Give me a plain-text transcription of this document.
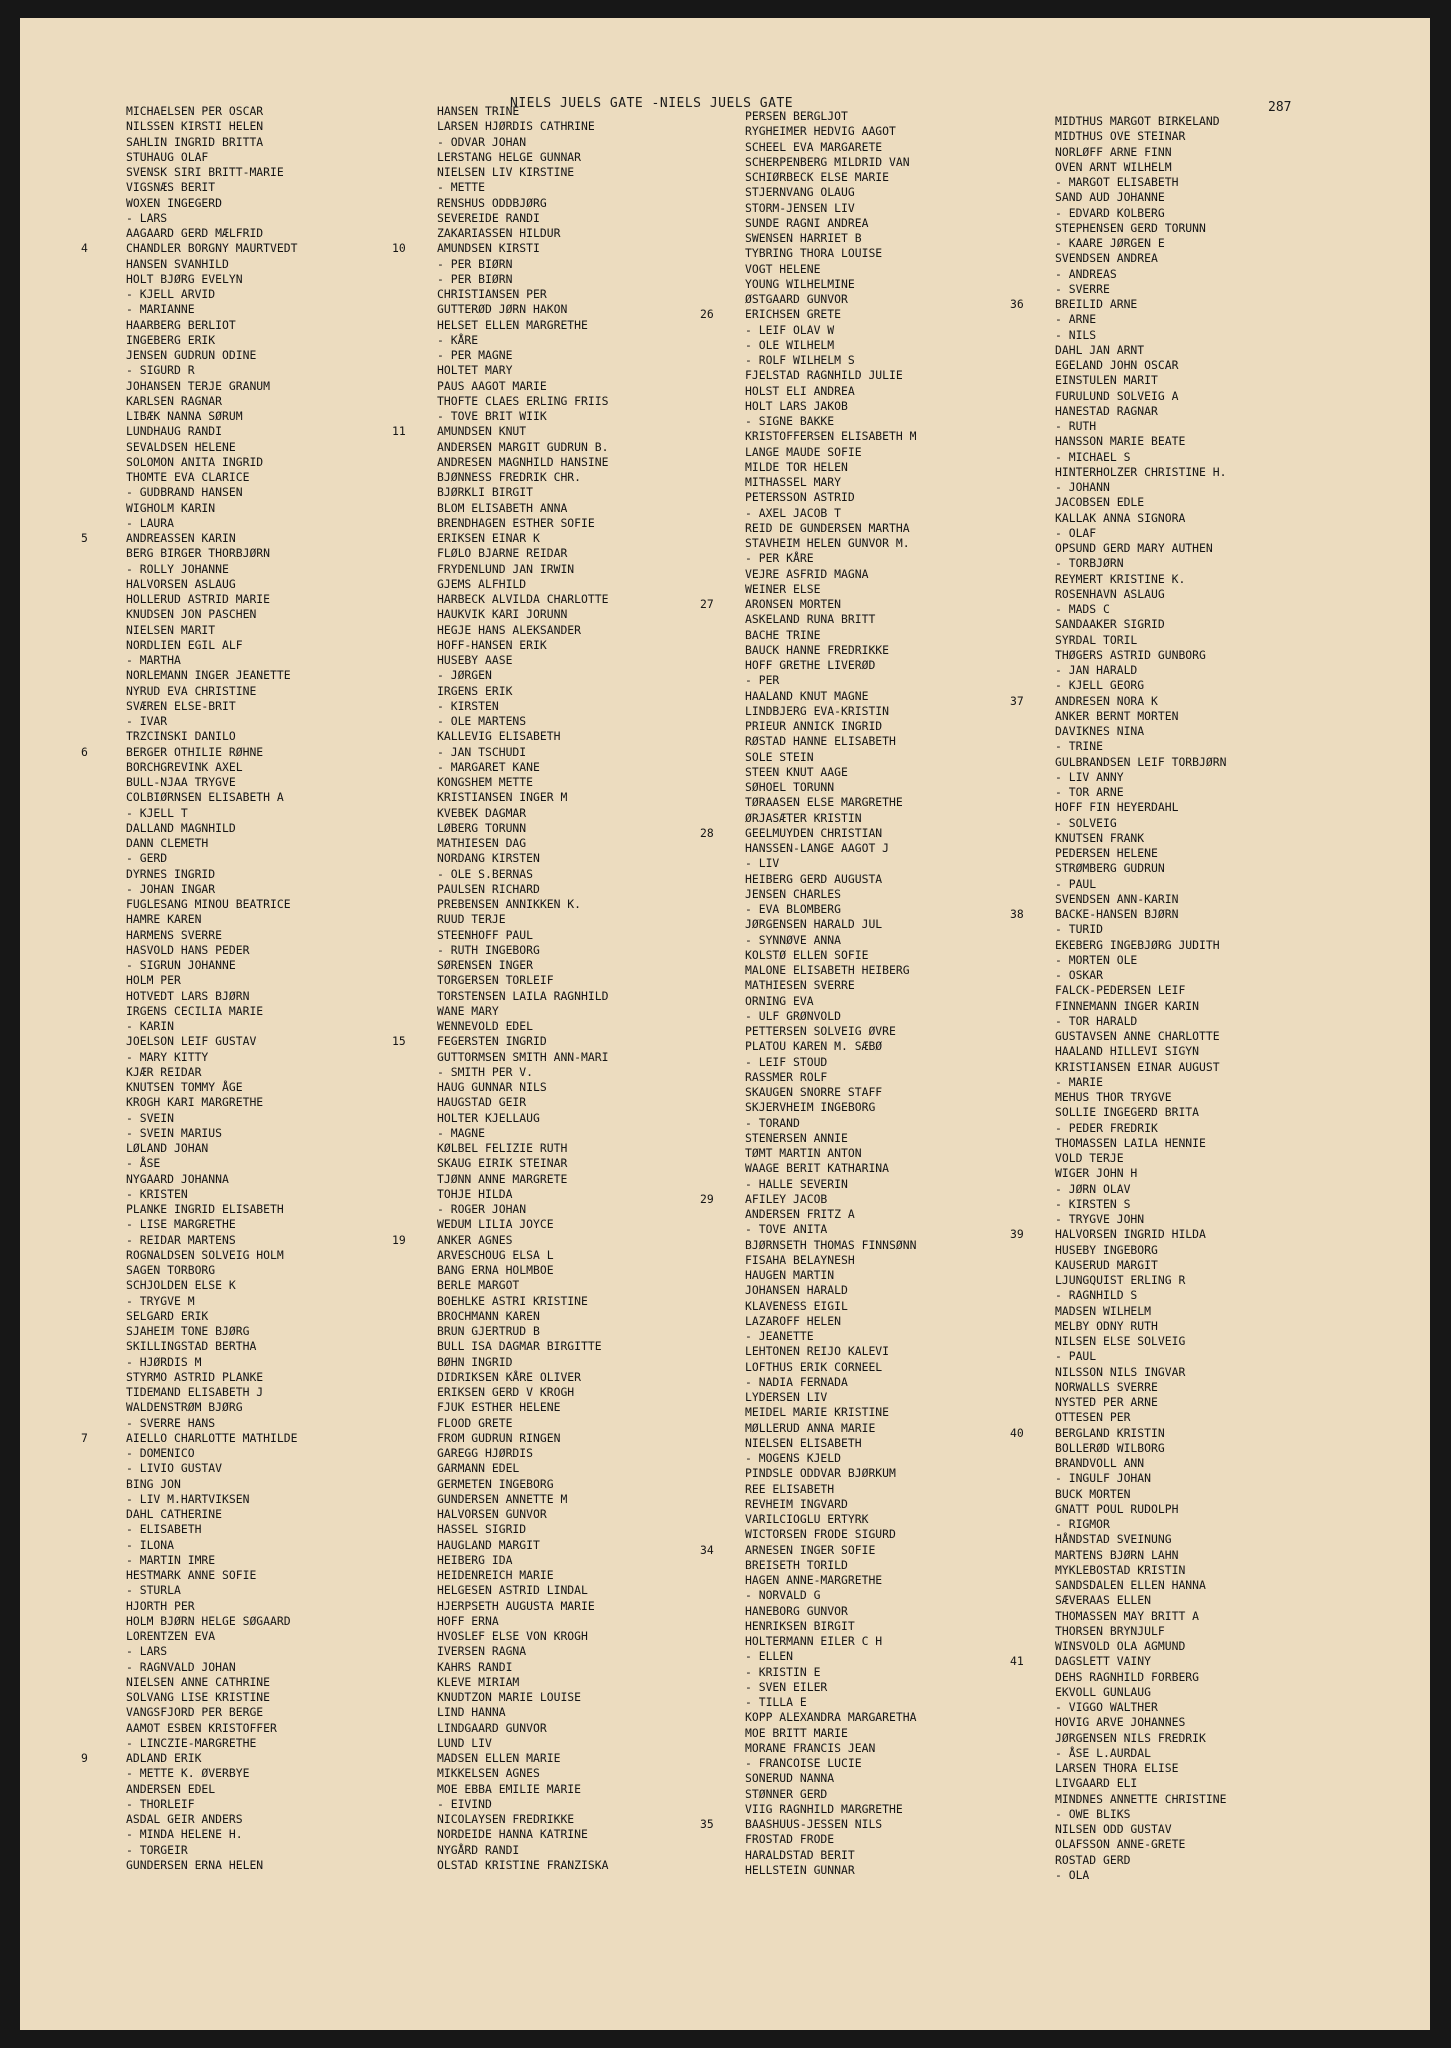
NIELS JUELS GATE -NIELS JUELS GATE	287
MICHAELSEN PER OSCAR
NILSSEN KIRSTI HELEN
SAHLIN INGRID BRITTA
STUHAUG OLAF
SVENSK SIRI BRITT-MARIE
VIGSNÆS BERIT
WOXEN INGEGERD
- LARS
AAGAARD GERD MÆLFRID
4	CHANDLER BORGNY MAURTVEDT
HANSEN SVANHILD
HOLT BJØRG EVELYN
- KJELL ARVID
- MARIANNE
HAARBERG BERLIOT
INGEBERG ERIK
JENSEN GUDRUN ODINE
- SIGURD R
JOHANSEN TERJE GRANUM
KARLSEN RAGNAR
LIBÆK NANNA SØRUM
LUNDHAUG RANDI
SEVALDSEN HELENE
SOLOMON ANITA INGRID
THOMTE EVA CLARICE
- GUDBRAND HANSEN
WIGHOLM KARIN
- LAURA
5	ANDREASSEN KARIN
BERG BIRGER THORBJØRN
- ROLLY JOHANNE
HALVORSEN ASLAUG
HOLLERUD ASTRID MARIE
KNUDSEN JON PASCHEN
NIELSEN MARIT
NORDLIEN EGIL ALF
- MARTHA
NORLEMANN INGER JEANETTE
NYRUD EVA CHRISTINE
SVÆREN ELSE-BRIT
- IVAR
TRZCINSKI DANILO
6	BERGER OTHILIE RØHNE
BORCHGREVINK AXEL
BULL-NJAA TRYGVE
COLBIØRNSEN ELISABETH A
- KJELL T
DALLAND MAGNHILD
DANN CLEMETH
- GERD
DYRNES INGRID
- JOHAN INGAR
FUGLESANG MINOU BEATRICE
HAMRE KAREN
HARMENS SVERRE
HASVOLD HANS PEDER
- SIGRUN JOHANNE
HOLM PER
HOTVEDT LARS BJØRN
IRGENS CECILIA MARIE
- KARIN
JOELSON LEIF GUSTAV
- MARY KITTY
KJÆR REIDAR
KNUTSEN TOMMY ÅGE
KROGH KARI MARGRETHE
- SVEIN
- SVEIN MARIUS
LØLAND JOHAN
- ÅSE
NYGAARD JOHANNA
- KRISTEN
PLANKE INGRID ELISABETH
- LISE MARGRETHE
- REIDAR MARTENS
ROGNALDSEN SOLVEIG HOLM
SAGEN TORBORG
SCHJOLDEN ELSE K
- TRYGVE M
SELGARD ERIK
SJAHEIM TONE BJØRG
SKILLINGSTAD BERTHA
- HJØRDIS M
STYRMO ASTRID PLANKE
TIDEMAND ELISABETH J
WALDENSTRØM BJØRG
- SVERRE HANS
7	AIELLO CHARLOTTE MATHILDE
- DOMENICO
- LIVIO GUSTAV
BING JON
- LIV M.HARTVIKSEN
DAHL CATHERINE
- ELISABETH
- ILONA
- MARTIN IMRE
HESTMARK ANNE SOFIE
- STURLA
HJORTH PER
HOLM BJØRN HELGE SØGAARD
LORENTZEN EVA
- LARS
- RAGNVALD JOHAN
NIELSEN ANNE CATHRINE
SOLVANG LISE KRISTINE
VANGSFJORD PER BERGE
AAMOT ESBEN KRISTOFFER
- LINCZIE-MARGRETHE
9	ADLAND ERIK
- METTE K. ØVERBYE
ANDERSEN EDEL
- THORLEIF
ASDAL GEIR ANDERS
- MINDA HELENE H.
- TORGEIR
GUNDERSEN ERNA HELEN
HANSEN TRINE
LARSEN HJØRDIS CATHRINE
- ODVAR JOHAN
LERSTANG HELGE GUNNAR
NIELSEN LIV KIRSTINE
- METTE
RENSHUS ODDBJØRG
SEVEREIDE RANDI
ZAKARIASSEN HILDUR
10	AMUNDSEN KIRSTI
- PER BIØRN
- PER BIØRN
CHRISTIANSEN PER
GUTTERØD JØRN HAKON
HELSET ELLEN MARGRETHE
- KÅRE
- PER MAGNE
HOLTET MARY
PAUS AAGOT MARIE
THOFTE CLAES ERLING FRIIS
- TOVE BRIT WIIK
11	AMUNDSEN KNUT
ANDERSEN MARGIT GUDRUN B.
ANDRESEN MAGNHILD HANSINE
BJØNNESS FREDRIK CHR.
BJØRKLI BIRGIT
BLOM ELISABETH ANNA
BRENDHAGEN ESTHER SOFIE
ERIKSEN EINAR K
FLØLO BJARNE REIDAR
FRYDENLUND JAN IRWIN
GJEMS ALFHILD
HARBECK ALVILDA CHARLOTTE
HAUKVIK KARI JORUNN
HEGJE HANS ALEKSANDER
HOFF-HANSEN ERIK
HUSEBY AASE
- JØRGEN
IRGENS ERIK
- KIRSTEN
- OLE MARTENS
KALLEVIG ELISABETH
- JAN TSCHUDI
- MARGARET KANE
KONGSHEM METTE
KRISTIANSEN INGER M
KVEBEK DAGMAR
LØBERG TORUNN
MATHIESEN DAG
NORDANG KIRSTEN
- OLE S.BERNAS
PAULSEN RICHARD
PREBENSEN ANNIKKEN K.
RUUD TERJE
STEENHOFF PAUL
- RUTH INGEBORG
SØRENSEN INGER
TORGERSEN TORLEIF
TORSTENSEN LAILA RAGNHILD
WANE MARY
WENNEVOLD EDEL
15	FEGERSTEN INGRID
GUTTORMSEN SMITH ANN-MARI
- SMITH PER V.
HAUG GUNNAR NILS
HAUGSTAD GEIR
HOLTER KJELLAUG
- MAGNE
KØLBEL FELIZIE RUTH
SKAUG EIRIK STEINAR
TJØNN ANNE MARGRETE
TOHJE HILDA
- ROGER JOHAN
WEDUM LILIA JOYCE
19	ANKER AGNES
ARVESCHOUG ELSA L
BANG ERNA HOLMBOE
BERLE MARGOT
BOEHLKE ASTRI KRISTINE
BROCHMANN KAREN
BRUN GJERTRUD B
BULL ISA DAGMAR BIRGITTE
BØHN INGRID
DIDRIKSEN KÅRE OLIVER
ERIKSEN GERD V KROGH
FJUK ESTHER HELENE
FLOOD GRETE
FROM GUDRUN RINGEN
GAREGG HJØRDIS
GARMANN EDEL
GERMETEN INGEBORG
GUNDERSEN ANNETTE M
HALVORSEN GUNVOR
HASSEL SIGRID
HAUGLAND MARGIT
HEIBERG IDA
HEIDENREICH MARIE
HELGESEN ASTRID LINDAL
HJERPSETH AUGUSTA MARIE
HOFF ERNA
HVOSLEF ELSE VON KROGH
IVERSEN RAGNA
KAHRS RANDI
KLEVE MIRIAM
KNUDTZON MARIE LOUISE
LIND HANNA
LINDGAARD GUNVOR
LUND LIV
MADSEN ELLEN MARIE
MIKKELSEN AGNES
MOE EBBA EMILIE MARIE
- EIVIND
NICOLAYSEN FREDRIKKE
NORDEIDE HANNA KATRINE
NYGÅRD RANDI
OLSTAD KRISTINE FRANZISKA
PERSEN BERGLJOT
RYGHEIMER HEDVIG AAGOT
SCHEEL EVA MARGARETE
SCHERPENBERG MILDRID VAN
SCHIØRBECK ELSE MARIE
STJERNVANG OLAUG
STORM-JENSEN LIV
SUNDE RAGNI ANDREA
SWENSEN HARRIET B
TYBRING THORA LOUISE
VOGT HELENE
YOUNG WILHELMINE
ØSTGAARD GUNVOR
26	ERICHSEN GRETE
- LEIF OLAV W
- OLE WILHELM
- ROLF WILHELM S
FJELSTAD RAGNHILD JULIE
HOLST ELI ANDREA
HOLT LARS JAKOB
- SIGNE BAKKE
KRISTOFFERSEN ELISABETH M
LANGE MAUDE SOFIE
MILDE TOR HELEN
MITHASSEL MARY
PETERSSON ASTRID
- AXEL JACOB T
REID DE GUNDERSEN MARTHA
STAVHEIM HELEN GUNVOR M.
- PER KÅRE
VEJRE ASFRID MAGNA
WEINER ELSE
27	ARONSEN MORTEN
ASKELAND RUNA BRITT
BACHE TRINE
BAUCK HANNE FREDRIKKE
HOFF GRETHE LIVERØD
- PER
HAALAND KNUT MAGNE
LINDBJERG EVA-KRISTIN
PRIEUR ANNICK INGRID
RØSTAD HANNE ELISABETH
SOLE STEIN
STEEN KNUT AAGE
SØHOEL TORUNN
TØRAASEN ELSE MARGRETHE
ØRJASÆTER KRISTIN
28	GEELMUYDEN CHRISTIAN
HANSSEN-LANGE AAGOT J
- LIV
HEIBERG GERD AUGUSTA
JENSEN CHARLES
- EVA BLOMBERG
JØRGENSEN HARALD JUL
- SYNNØVE ANNA
KOLSTØ ELLEN SOFIE
MALONE ELISABETH HEIBERG
MATHIESEN SVERRE
ORNING EVA
- ULF GRØNVOLD
PETTERSEN SOLVEIG ØVRE
PLATOU KAREN M. SÆBØ
- LEIF STOUD
RASSMER ROLF
SKAUGEN SNORRE STAFF
SKJERVHEIM INGEBORG
- TORAND
STENERSEN ANNIE
TØMT MARTIN ANTON
WAAGE BERIT KATHARINA
- HALLE SEVERIN
29	AFILEY JACOB
ANDERSEN FRITZ A
- TOVE ANITA
BJØRNSETH THOMAS FINNSØNN
FISAHA BELAYNESH
HAUGEN MARTIN
JOHANSEN HARALD
KLAVENESS EIGIL
LAZAROFF HELEN
- JEANETTE
LEHTONEN REIJO KALEVI
LOFTHUS ERIK CORNEEL
- NADIA FERNADA
LYDERSEN LIV
MEIDEL MARIE KRISTINE
MØLLERUD ANNA MARIE
NIELSEN ELISABETH
- MOGENS KJELD
PINDSLE ODDVAR BJØRKUM
REE ELISABETH
REVHEIM INGVARD
VARILCIOGLU ERTYRK
WICTORSEN FRODE SIGURD
34	ARNESEN INGER SOFIE
BREISETH TORILD
HAGEN ANNE-MARGRETHE
- NORVALD G
HANEBORG GUNVOR
HENRIKSEN BIRGIT
HOLTERMANN EILER C H
- ELLEN
- KRISTIN E
- SVEN EILER
- TILLA E
KOPP ALEXANDRA MARGARETHA
MOE BRITT MARIE
MORANE FRANCIS JEAN
- FRANCOISE LUCIE
SONERUD NANNA
STØNNER GERD
VIIG RAGNHILD MARGRETHE
35	BAASHUUS-JESSEN NILS
FROSTAD FRODE
HARALDSTAD BERIT
HELLSTEIN GUNNAR
MIDTHUS MARGOT BIRKELAND
MIDTHUS OVE STEINAR
NORLØFF ARNE FINN
OVEN ARNT WILHELM
- MARGOT ELISABETH
SAND AUD JOHANNE
- EDVARD KOLBERG
STEPHENSEN GERD TORUNN
- KAARE JØRGEN E
SVENDSEN ANDREA
- ANDREAS
- SVERRE
36	BREILID ARNE
- ARNE
- NILS
DAHL JAN ARNT
EGELAND JOHN OSCAR
EINSTULEN MARIT
FURULUND SOLVEIG A
HANESTAD RAGNAR
- RUTH
HANSSON MARIE BEATE
- MICHAEL S
HINTERHOLZER CHRISTINE H.
- JOHANN
JACOBSEN EDLE
KALLAK ANNA SIGNORA
- OLAF
OPSUND GERD MARY AUTHEN
- TORBJØRN
REYMERT KRISTINE K.
ROSENHAVN ASLAUG
- MADS C
SANDAAKER SIGRID
SYRDAL TORIL
THØGERS ASTRID GUNBORG
- JAN HARALD
- KJELL GEORG
37	ANDRESEN NORA K
ANKER BERNT MORTEN
DAVIKNES NINA
- TRINE
GULBRANDSEN LEIF TORBJØRN
- LIV ANNY
- TOR ARNE
HOFF FIN HEYERDAHL
- SOLVEIG
KNUTSEN FRANK
PEDERSEN HELENE
STRØMBERG GUDRUN
- PAUL
SVENDSEN ANN-KARIN
38	BACKE-HANSEN BJØRN
- TURID
EKEBERG INGEBJØRG JUDITH
- MORTEN OLE
- OSKAR
FALCK-PEDERSEN LEIF
FINNEMANN INGER KARIN
- TOR HARALD
GUSTAVSEN ANNE CHARLOTTE
HAALAND HILLEVI SIGYN
KRISTIANSEN EINAR AUGUST
- MARIE
MEHUS THOR TRYGVE
SOLLIE INGEGERD BRITA
- PEDER FREDRIK
THOMASSEN LAILA HENNIE
VOLD TERJE
WIGER JOHN H
- JØRN OLAV
- KIRSTEN S
- TRYGVE JOHN
39	HALVORSEN INGRID HILDA
HUSEBY INGEBORG
KAUSERUD MARGIT
LJUNGQUIST ERLING R
- RAGNHILD S
MADSEN WILHELM
MELBY ODNY RUTH
NILSEN ELSE SOLVEIG
- PAUL
NILSSON NILS INGVAR
NORWALLS SVERRE
NYSTED PER ARNE
OTTESEN PER
40	BERGLAND KRISTIN
BOLLERØD WILBORG
BRANDVOLL ANN
- INGULF JOHAN
BUCK MORTEN
GNATT POUL RUDOLPH
- RIGMOR
HÅNDSTAD SVEINUNG
MARTENS BJØRN LAHN
MYKLEBOSTAD KRISTIN
SANDSDALEN ELLEN HANNA
SÆVERAAS ELLEN
THOMASSEN MAY BRITT A
THORSEN BRYNJULF
WINSVOLD OLA AGMUND
41	DAGSLETT VAINY
DEHS RAGNHILD FORBERG
EKVOLL GUNLAUG
- VIGGO WALTHER
HOVIG ARVE JOHANNES
JØRGENSEN NILS FREDRIK
- ÅSE L.AURDAL
LARSEN THORA ELISE
LIVGAARD ELI
MINDNES ANNETTE CHRISTINE
- OWE BLIKS
NILSEN ODD GUSTAV
OLAFSSON ANNE-GRETE
ROSTAD GERD
- OLA
